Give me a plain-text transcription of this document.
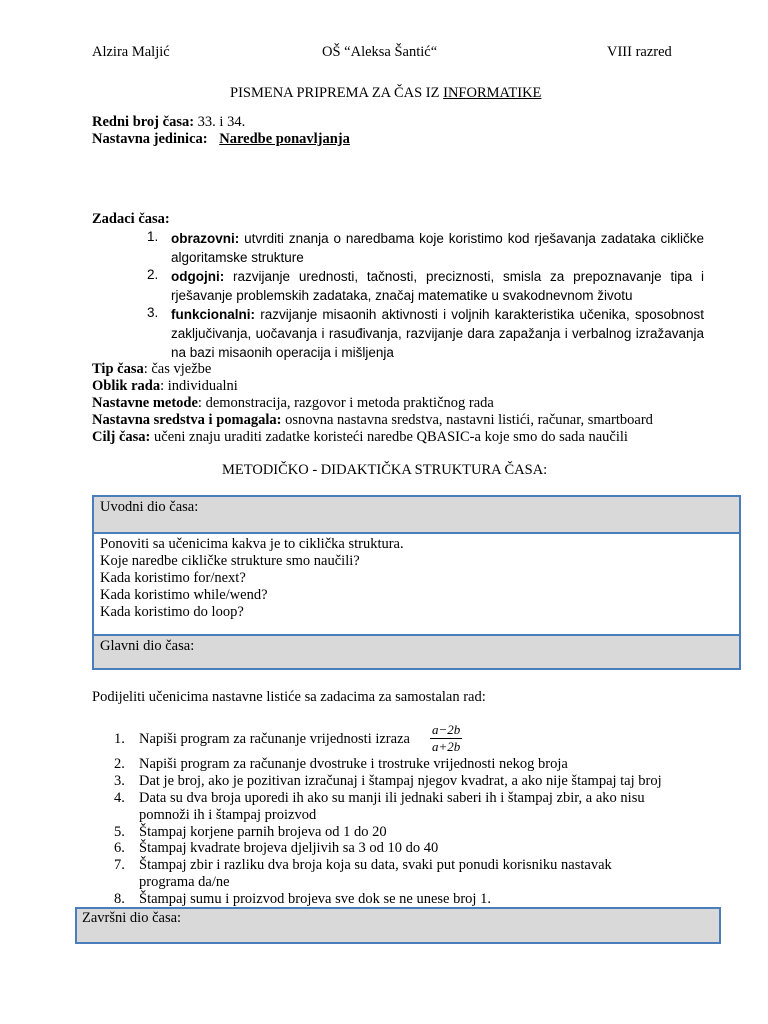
Alzira Maljić	OŠ “Aleksa Šantić“	VIII razred
PISMENA PRIPREMA ZA ČAS IZ INFORMATIKE
Redni broj časa: 33. i 34.
Nastavna jedinica: Naredbe ponavljanja
Zadaci časa:
1. obrazovni: utvrditi znanja o naredbama koje koristimo kod rješavanja zadataka cikličke algoritamske strukture
2. odgojni: razvijanje urednosti, tačnosti, preciznosti, smisla za prepoznavanje tipa i rješavanje problemskih zadataka, značaj matematike u svakodnevnom životu
3. funkcionalni: razvijanje misaonih aktivnosti i voljnih karakteristika učenika, sposobnost zaključivanja, uočavanja i rasuđivanja, razvijanje dara zapažanja i verbalnog izražavanja na bazi misaonih operacija i mišljenja
Tip časa: čas vježbe
Oblik rada: individualni
Nastavne metode: demonstracija, razgovor i metoda praktičnog rada
Nastavna sredstva i pomagala: osnovna nastavna sredstva, nastavni listići, računar, smartboard
Cilj časa: učeni znaju uraditi zadatke koristeći naredbe QBASIC-a koje smo do sada naučili
METODIČKO - DIDAKTIČKA STRUKTURA ČASA:
Uvodni dio časa:
Ponoviti sa učenicima kakva je to ciklička struktura.
Koje naredbe cikličke strukture smo naučili?
Kada koristimo for/next?
Kada koristimo while/wend?
Kada koristimo do loop?
Glavni dio časa:
Podijeliti učenicima nastavne listiće sa zadacima za samostalan rad:
1. Napiši program za računanje vrijednosti izraza $\frac{a-2b}{a+2b}$
2. Napiši program za računanje dvostruke i trostruke vrijednosti nekog broja
3. Dat je broj, ako je pozitivan izračunaj i štampaj njegov kvadrat, a ako nije štampaj taj broj
4. Data su dva broja uporedi ih ako su manji ili jednaki saberi ih i štampaj zbir, a ako nisu
pomnoži ih i štampaj proizvod
5. Štampaj korjene parnih brojeva od 1 do 20
6. Štampaj kvadrate brojeva djeljivih sa 3 od 10 do 40
7. Štampaj zbir i razliku dva broja koja su data, svaki put ponudi korisniku nastavak
programa da/ne
8. Štampaj sumu i proizvod brojeva sve dok se ne unese broj 1.
Završni dio časa:
